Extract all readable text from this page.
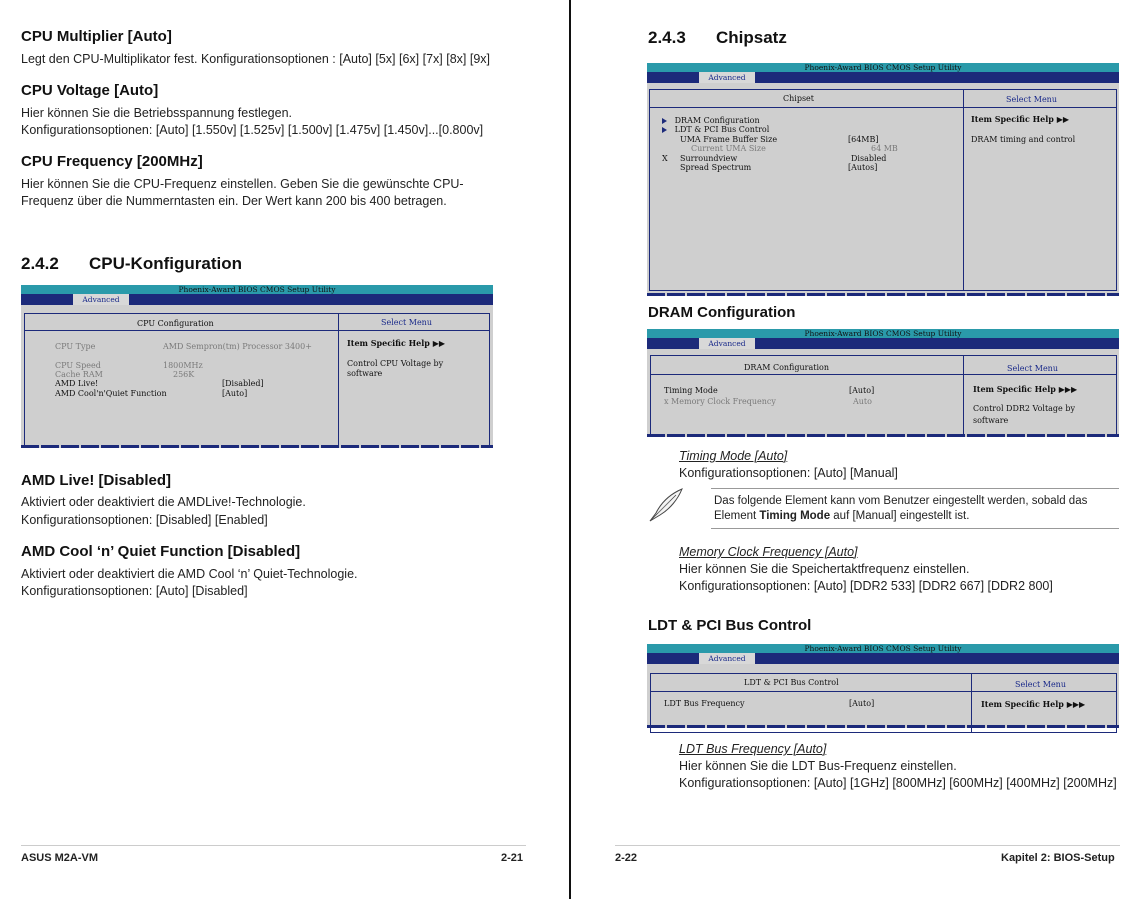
CPU Multiplier [Auto]
Legt den CPU-Multiplikator fest. Konfigurationsoptionen : [Auto] [5x] [6x] [7x] [8x] [9x]
CPU Voltage [Auto]
Hier können Sie die Betriebsspannung festlegen.
Konfigurationsoptionen: [Auto] [1.550v] [1.525v] [1.500v] [1.475v] [1.450v]...[0.800v]
CPU Frequency [200MHz]
Hier können Sie die CPU-Frequenz einstellen. Geben Sie die gewünschte CPU-
Frequenz über die Nummerntasten ein. Der Wert kann 200 bis 400 betragen.
2.4.2 CPU-Konfiguration
Phoenix-Award BIOS CMOS Setup Utility
Advanced
CPU Configuration	Select Menu
CPU Type	AMD Sempron(tm) Processor 3400+
CPU Speed	1800MHz
Cache RAM	256K
AMD Live!	[Disabled]
AMD Cool'n'Quiet Function	[Auto]
Item Specific Help ▶▶
Control CPU Voltage by
software
AMD Live! [Disabled]
Aktiviert oder deaktiviert die AMDLive!-Technologie.
Konfigurationsoptionen: [Disabled] [Enabled]
AMD Cool ‘n’ Quiet Function [Disabled]
Aktiviert oder deaktiviert die AMD Cool ‘n’ Quiet-Technologie.
Konfigurationsoptionen: [Auto] [Disabled]
ASUS M2A-VM	2-21
2.4.3 Chipsatz
Phoenix-Award BIOS CMOS Setup Utility
Advanced
Chipset	Select Menu
DRAM Configuration
LDT & PCI Bus Control
UMA Frame Buffer Size	[64MB]
Current UMA Size	64 MB
X Surroundview	Disabled
Spread Spectrum	[Autos]
Item Specific Help ▶▶
DRAM timing and control
DRAM Configuration
Phoenix-Award BIOS CMOS Setup Utility
Advanced
DRAM Configuration	Select Menu
Timing Mode	[Auto]
x Memory Clock Frequency	Auto
Item Specific Help ▶▶▶
Control DDR2 Voltage by
software
Timing Mode [Auto]
Konfigurationsoptionen: [Auto] [Manual]
Das folgende Element kann vom Benutzer eingestellt werden, sobald das
Element Timing Mode auf [Manual] eingestellt ist.
Memory Clock Frequency [Auto]
Hier können Sie die Speichertaktfrequenz einstellen.
Konfigurationsoptionen: [Auto] [DDR2 533] [DDR2 667] [DDR2 800]
LDT & PCI Bus Control
Phoenix-Award BIOS CMOS Setup Utility
Advanced
LDT & PCI Bus Control	Select Menu
LDT Bus Frequency	[Auto]	Item Specific Help ▶▶▶
LDT Bus Frequency [Auto]
Hier können Sie die LDT Bus-Frequenz einstellen.
Konfigurationsoptionen: [Auto] [1GHz] [800MHz] [600MHz] [400MHz] [200MHz]
2-22	Kapitel 2: BIOS-Setup
